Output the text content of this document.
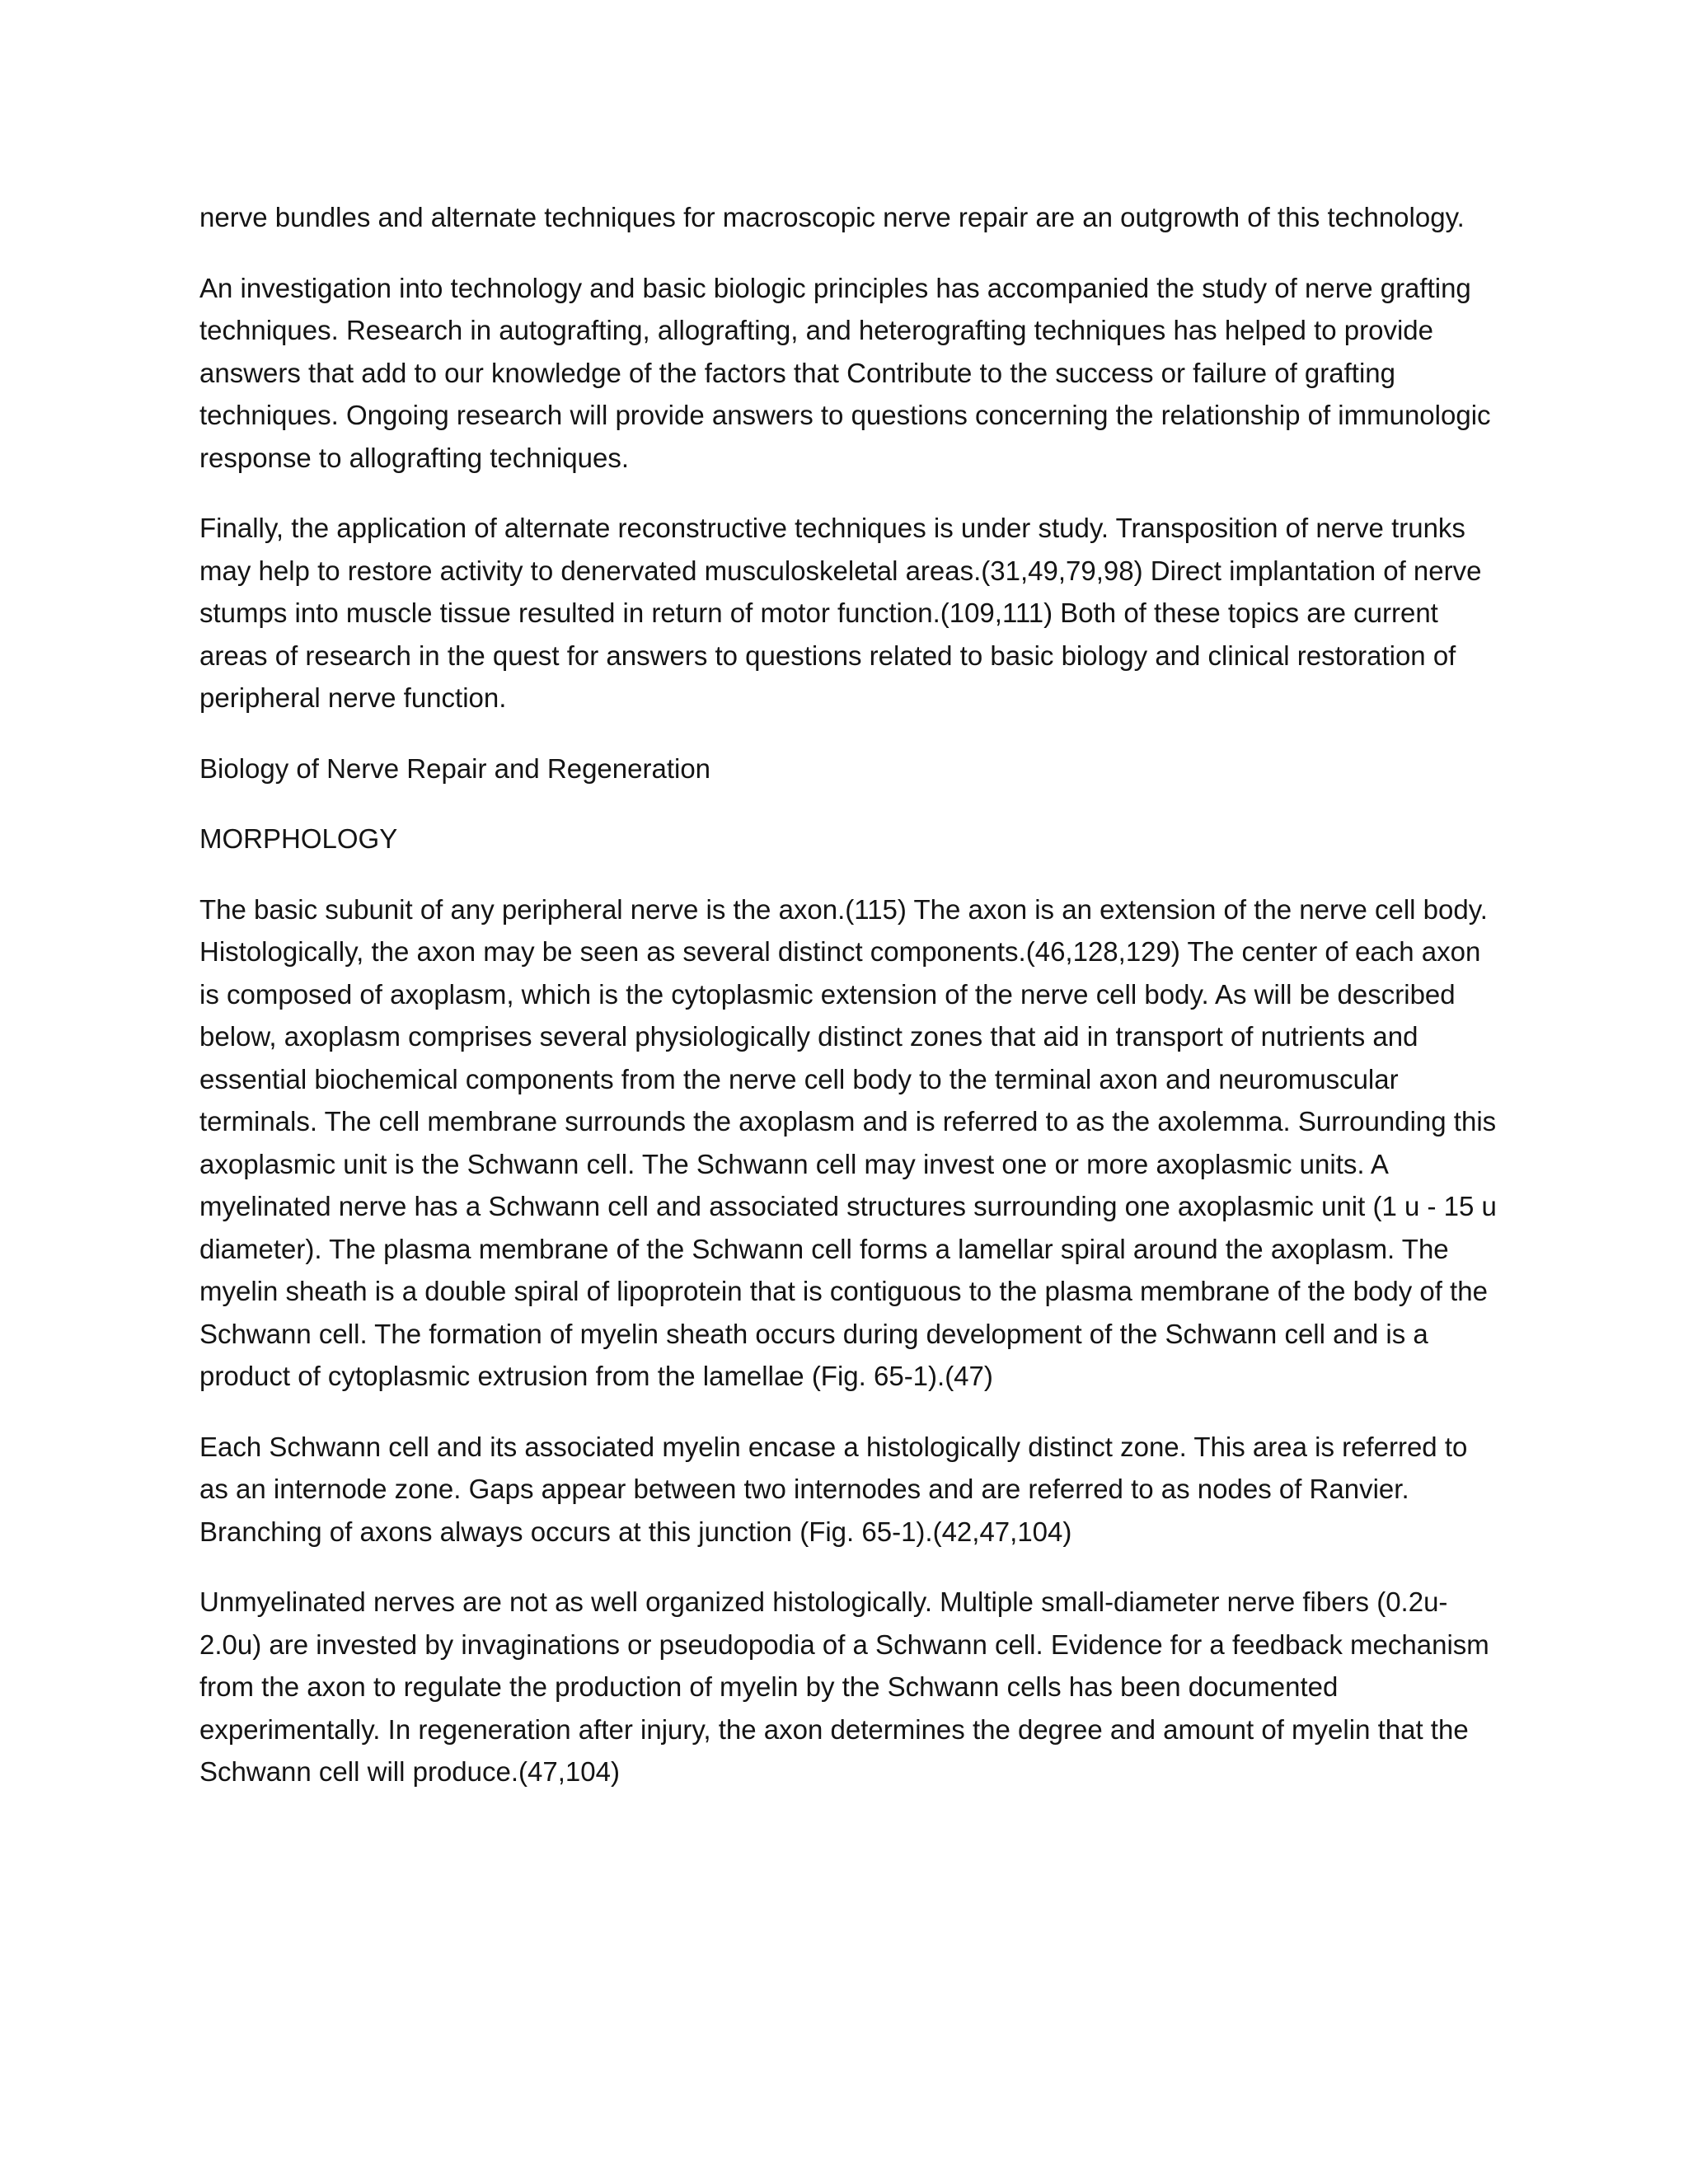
nerve bundles and alternate techniques for macroscopic nerve repair are an outgrowth of this technology.

An investigation into technology and basic biologic principles has accompanied the study of nerve grafting techniques. Research in autografting, allografting, and heterografting techniques has helped to provide answers that add to our knowledge of the factors that Contribute to the success or failure of grafting techniques. Ongoing research will provide answers to questions concerning the relationship of immunologic response to allografting techniques.

Finally, the application of alternate reconstructive techniques is under study. Transposition of nerve trunks may help to restore activity to denervated musculoskeletal areas.(31,49,79,98) Direct implantation of nerve stumps into muscle tissue resulted in return of motor function.(109,111) Both of these topics are current areas of research in the quest for answers to questions related to basic biology and clinical restoration of peripheral nerve function.

Biology of Nerve Repair and Regeneration

MORPHOLOGY

The basic subunit of any peripheral nerve is the axon.(115) The axon is an extension of the nerve cell body. Histologically, the axon may be seen as several distinct components.(46,128,129) The center of each axon is composed of axoplasm, which is the cytoplasmic extension of the nerve cell body. As will be described below, axoplasm comprises several physiologically distinct zones that aid in transport of nutrients and essential biochemical components from the nerve cell body to the terminal axon and neuromuscular terminals. The cell membrane surrounds the axoplasm and is referred to as the axolemma. Surrounding this axoplasmic unit is the Schwann cell. The Schwann cell may invest one or more axoplasmic units. A myelinated nerve has a Schwann cell and associated structures surrounding one axoplasmic unit (1 u - 15 u diameter). The plasma membrane of the Schwann cell forms a lamellar spiral around the axoplasm. The myelin sheath is a double spiral of lipoprotein that is contiguous to the plasma membrane of the body of the Schwann cell. The formation of myelin sheath occurs during development of the Schwann cell and is a product of cytoplasmic extrusion from the lamellae (Fig. 65-1).(47)

Each Schwann cell and its associated myelin encase a histologically distinct zone. This area is referred to as an internode zone. Gaps appear between two internodes and are referred to as nodes of Ranvier. Branching of axons always occurs at this junction (Fig. 65-1).(42,47,104)

Unmyelinated nerves are not as well organized histologically. Multiple small-diameter nerve fibers (0.2u-2.0u) are invested by invaginations or pseudopodia of a Schwann cell. Evidence for a feedback mechanism from the axon to regulate the production of myelin by the Schwann cells has been documented experimentally. In regeneration after injury, the axon determines the degree and amount of myelin that the Schwann cell will produce.(47,104)
